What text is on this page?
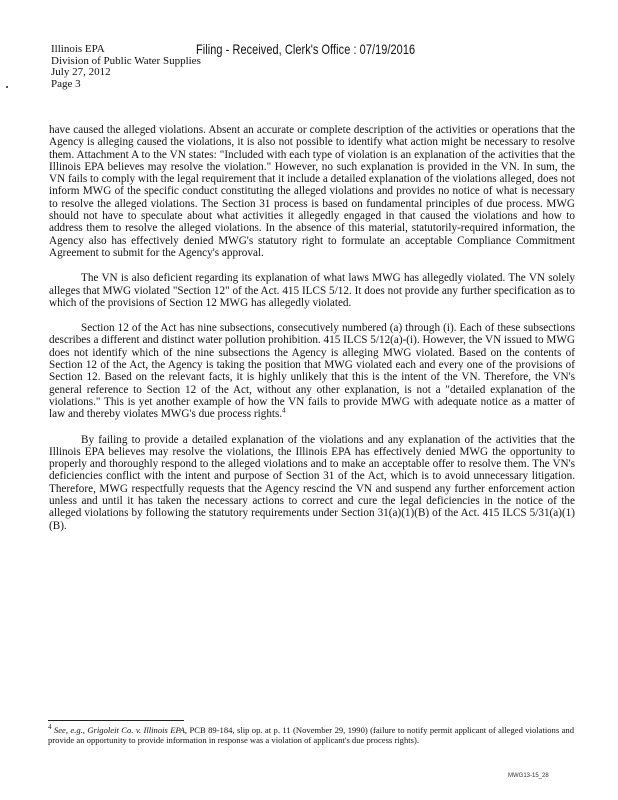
Illinois EPA
Division of Public Water Supplies
July 27, 2012
Page 3
Filing - Received, Clerk's Office : 07/19/2016

have caused the alleged violations. Absent an accurate or complete description of the activities or operations that the Agency is alleging caused the violations, it is also not possible to identify what action might be necessary to resolve them. Attachment A to the VN states: "Included with each type of violation is an explanation of the activities that the Illinois EPA believes may resolve the violation." However, no such explanation is provided in the VN. In sum, the VN fails to comply with the legal requirement that it include a detailed explanation of the violations alleged, does not inform MWG of the specific conduct constituting the alleged violations and provides no notice of what is necessary to resolve the alleged violations. The Section 31 process is based on fundamental principles of due process. MWG should not have to speculate about what activities it allegedly engaged in that caused the violations and how to address them to resolve the alleged violations. In the absence of this material, statutorily-required information, the Agency also has effectively denied MWG's statutory right to formulate an acceptable Compliance Commitment Agreement to submit for the Agency's approval.

The VN is also deficient regarding its explanation of what laws MWG has allegedly violated. The VN solely alleges that MWG violated "Section 12" of the Act. 415 ILCS 5/12. It does not provide any further specification as to which of the provisions of Section 12 MWG has allegedly violated.

Section 12 of the Act has nine subsections, consecutively numbered (a) through (i). Each of these subsections describes a different and distinct water pollution prohibition. 415 ILCS 5/12(a)-(i). However, the VN issued to MWG does not identify which of the nine subsections the Agency is alleging MWG violated. Based on the contents of Section 12 of the Act, the Agency is taking the position that MWG violated each and every one of the provisions of Section 12. Based on the relevant facts, it is highly unlikely that this is the intent of the VN. Therefore, the VN's general reference to Section 12 of the Act, without any other explanation, is not a "detailed explanation of the violations." This is yet another example of how the VN fails to provide MWG with adequate notice as a matter of law and thereby violates MWG's due process rights.$^4$

By failing to provide a detailed explanation of the violations and any explanation of the activities that the Illinois EPA believes may resolve the violations, the Illinois EPA has effectively denied MWG the opportunity to properly and thoroughly respond to the alleged violations and to make an acceptable offer to resolve them. The VN's deficiencies conflict with the intent and purpose of Section 31 of the Act, which is to avoid unnecessary litigation. Therefore, MWG respectfully requests that the Agency rescind the VN and suspend any further enforcement action unless and until it has taken the necessary actions to correct and cure the legal deficiencies in the notice of the alleged violations by following the statutory requirements under Section 31(a)(1)(B) of the Act. 415 ILCS 5/31(a)(1)(B).

$^4$ See, e.g., Grigoleit Co. v. Illinois EPA, PCB 89-184, slip op. at p. 11 (November 29, 1990) (failure to notify permit applicant of alleged violations and provide an opportunity to provide information in response was a violation of applicant's due process rights).
MWG13-15_28
